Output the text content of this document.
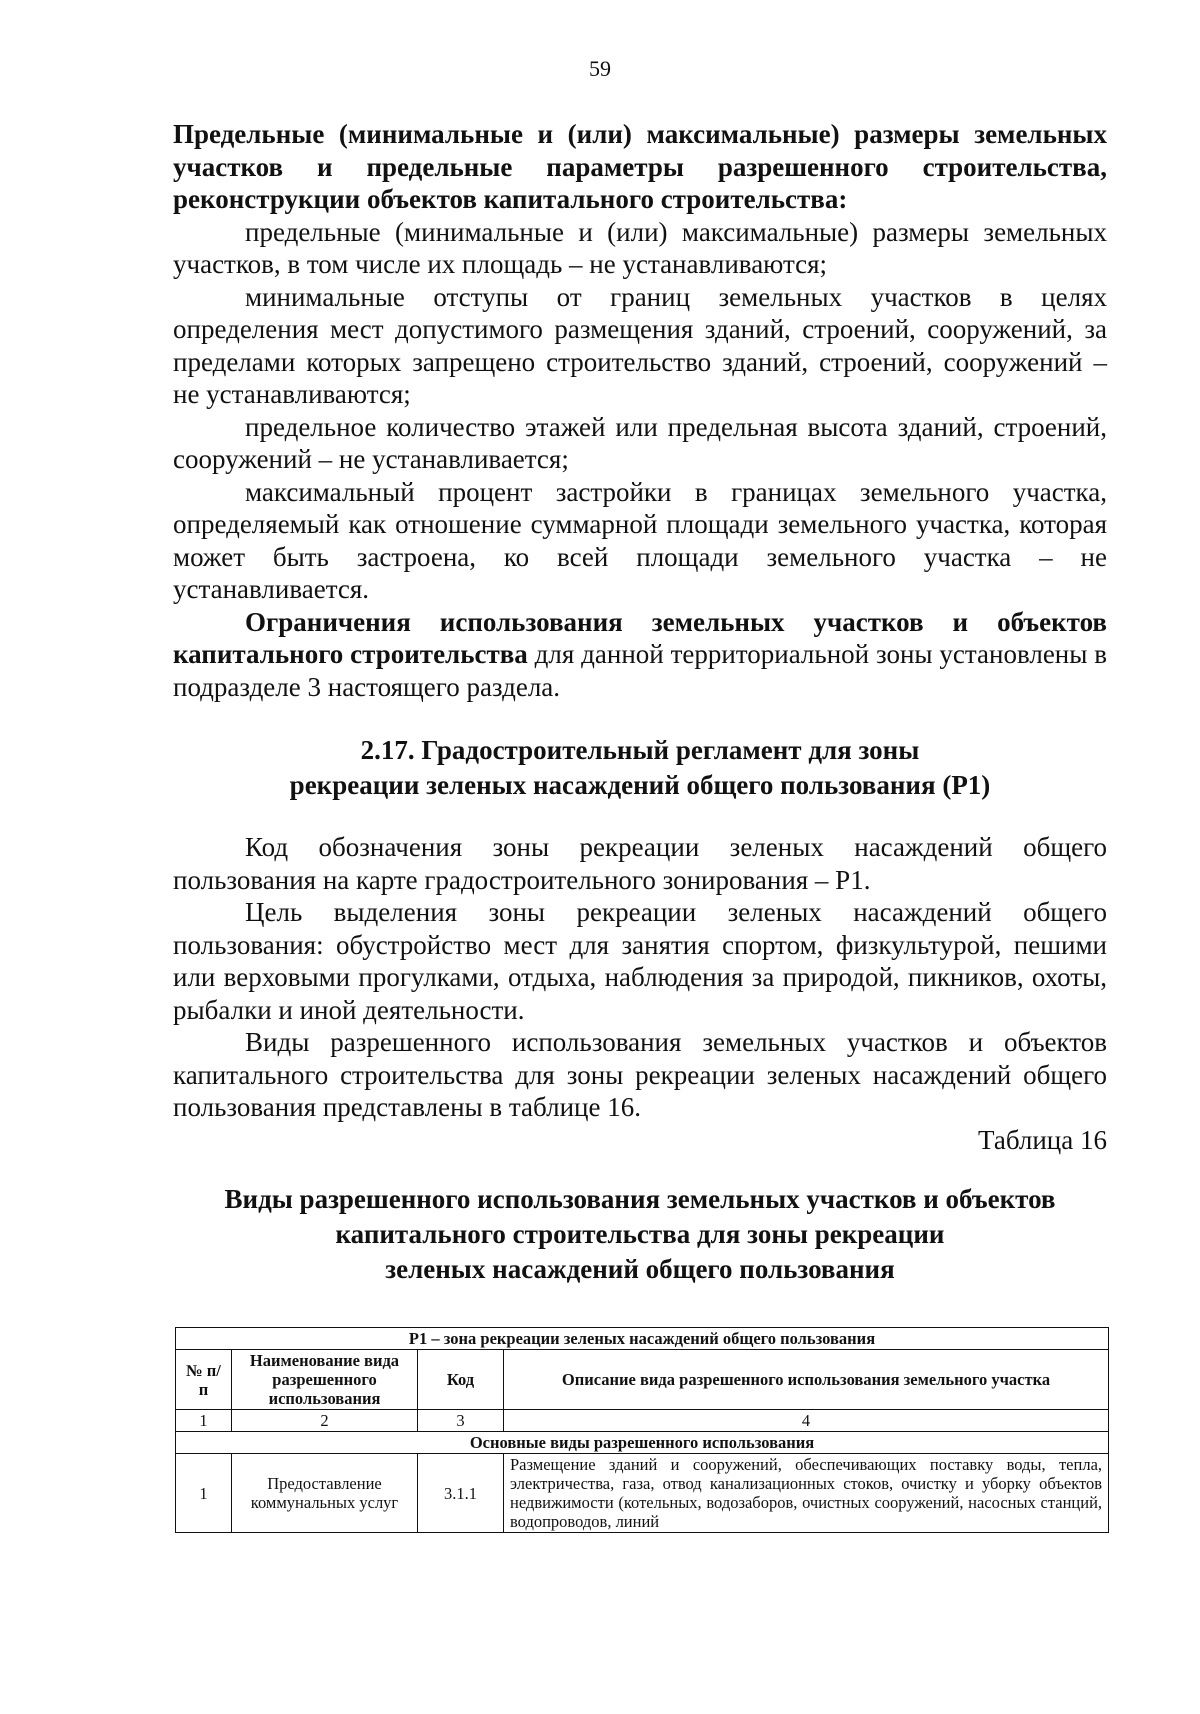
59

Предельные (минимальные и (или) максимальные) размеры земельных участков и предельные параметры разрешенного строительства, реконструкции объектов капитального строительства:

предельные (минимальные и (или) максимальные) размеры земельных участков, в том числе их площадь – не устанавливаются;

минимальные отступы от границ земельных участков в целях определения мест допустимого размещения зданий, строений, сооружений, за пределами которых запрещено строительство зданий, строений, сооружений – не устанавливаются;

предельное количество этажей или предельная высота зданий, строений, сооружений – не устанавливается;

максимальный процент застройки в границах земельного участка, определяемый как отношение суммарной площади земельного участка, которая может быть застроена, ко всей площади земельного участка – не устанавливается.

Ограничения использования земельных участков и объектов капитального строительства для данной территориальной зоны установлены в подразделе 3 настоящего раздела.

2.17. Градостроительный регламент для зоны

рекреации зеленых насаждений общего пользования (Р1)

Код обозначения зоны рекреации зеленых насаждений общего пользования на карте градостроительного зонирования – Р1.

Цель выделения зоны рекреации зеленых насаждений общего пользования: обустройство мест для занятия спортом, физкультурой, пешими или верховыми прогулками, отдыха, наблюдения за природой, пикников, охоты, рыбалки и иной деятельности.

Виды разрешенного использования земельных участков и объектов капитального строительства для зоны рекреации зеленых насаждений общего пользования представлены в таблице 16.

Таблица 16

Виды разрешенного использования земельных участков и объектов

капитального строительства для зоны рекреации

зеленых насаждений общего пользования

Р1 – зона рекреации зеленых насаждений общего пользования			
№ п/п	Наименование вида разрешенного использования	Код	Описание вида разрешенного использования земельного участка
1	2	3	4
Основные виды разрешенного использования			
1	Предоставление коммунальных услуг	3.1.1	Размещение зданий и сооружений, обеспечивающих поставку воды, тепла, электричества, газа, отвод канализационных стоков, очистку и уборку объектов недвижимости (котельных, водозаборов, очистных сооружений, насосных станций, водопроводов, линий
